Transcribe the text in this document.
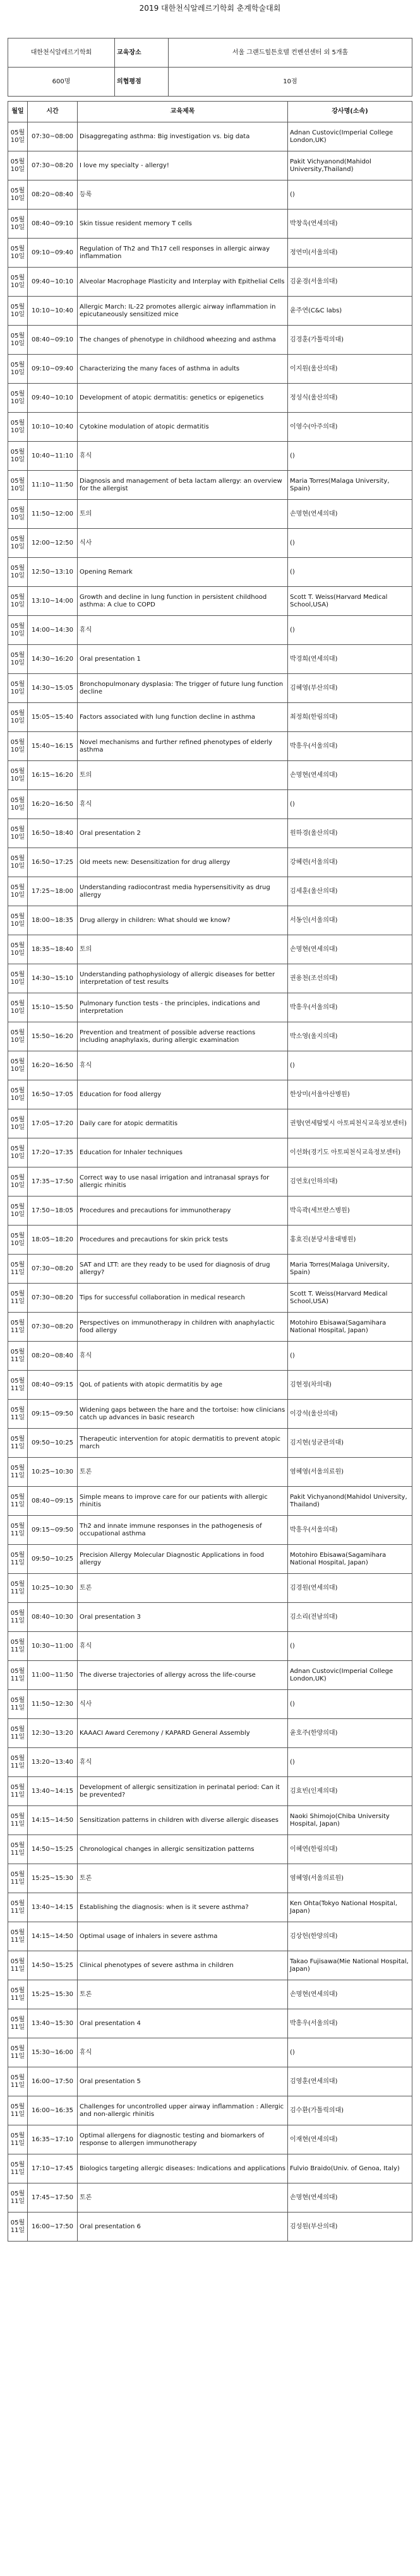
2019 대한천식알레르기학회 춘계학술대회
대한천식알레르기학회	교육장소	서울 그랜드힐튼호텔 컨벤션센터 외 5개홀
600명	의협평점	10점
월일	시간	교육제목	강사명(소속)
05월 10일	07:30~08:00	Disaggregating asthma: Big investigation vs. big data	Adnan Custovic(Imperial College London,UK)
05월 10일	07:30~08:20	I love my specialty - allergy!	Pakit Vichyanond(Mahidol University,Thailand)
05월 10일	08:20~08:40	등록	()
05월 10일	08:40~09:10	Skin tissue resident memory T cells	박창욱(연세의대)
05월 10일	09:10~09:40	Regulation of Th2 and Th17 cell responses in allergic airway inflammation	정연미(서울의대)
05월 10일	09:40~10:10	Alveolar Macrophage Plasticity and Interplay with Epithelial Cells	김윤경(서울의대)
05월 10일	10:10~10:40	Allergic March: IL-22 promotes allergic airway inflammation in epicutaneously sensitized mice	윤주연(C&C labs)
05월 10일	08:40~09:10	The changes of phenotype in childhood wheezing and asthma	김경훈(가톨릭의대)
05월 10일	09:10~09:40	Characterizing the many faces of asthma in adults	이지원(울산의대)
05월 10일	09:40~10:10	Development of atopic dermatitis: genetics or epigenetics	정성식(울산의대)
05월 10일	10:10~10:40	Cytokine modulation of atopic dermatitis	이영수(아주의대)
05월 10일	10:40~11:10	휴식	()
05월 10일	11:10~11:50	Diagnosis and management of beta lactam allergy: an overview for the allergist	Maria Torres(Malaga University, Spain)
05월 10일	11:50~12:00	토의	손명현(연세의대)
05월 10일	12:00~12:50	식사	()
05월 10일	12:50~13:10	Opening Remark	()
05월 10일	13:10~14:00	Growth and decline in lung function in persistent childhood asthma: A clue to COPD	Scott T. Weiss(Harvard Medical School,USA)
05월 10일	14:00~14:30	휴식	()
05월 10일	14:30~16:20	Oral presentation 1	박경희(연세의대)
05월 10일	14:30~15:05	Bronchopulmonary dysplasia: The trigger of future lung function decline	김혜영(부산의대)
05월 10일	15:05~15:40	Factors associated with lung function decline in asthma	최정희(한림의대)
05월 10일	15:40~16:15	Novel mechanisms and further refined phenotypes of elderly asthma	박흥우(서울의대)
05월 10일	16:15~16:20	토의	손명현(연세의대)
05월 10일	16:20~16:50	휴식	()
05월 10일	16:50~18:40	Oral presentation 2	원하경(울산의대)
05월 10일	16:50~17:25	Old meets new: Desensitization for drug allergy	강혜련(서울의대)
05월 10일	17:25~18:00	Understanding radiocontrast media hypersensitivity as drug allergy	김세훈(울산의대)
05월 10일	18:00~18:35	Drug allergy in children: What should we know?	서동인(서울의대)
05월 10일	18:35~18:40	토의	손명현(연세의대)
05월 10일	14:30~15:10	Understanding pathophysiology of allergic diseases for better interpretation of test results	권용천(조선의대)
05월 10일	15:10~15:50	Pulmonary function tests - the principles, indications and interpretation	박흥우(서울의대)
05월 10일	15:50~16:20	Prevention and treatment of possible adverse reactions including anaphylaxis, during allergic examination	박소영(울지의대)
05월 10일	16:20~16:50	휴식	()
05월 10일	16:50~17:05	Education for food allergy	한상미(서울아산병원)
05월 10일	17:05~17:20	Daily care for atopic dermatitis	권향(연세탐빛시 아토피천식교육정보센터)
05월 10일	17:20~17:35	Education for Inhaler techniques	이선화(경기도 아토피천식교육정보센터)
05월 10일	17:35~17:50	Correct way to use nasal irrigation and intranasal sprays for allergic rhinitis	김연호(인하의대)
05월 10일	17:50~18:05	Procedures and precautions for immunotherapy	박옥곽(세브란스병원)
05월 10일	18:05~18:20	Procedures and precautions for skin prick tests	홍효진(분당서울대병원)
05월 11일	07:30~08:20	SAT and LTT: are they ready to be used for diagnosis of drug allergy?	Maria Torres(Malaga University, Spain)
05월 11일	07:30~08:20	Tips for successful collaboration in medical research	Scott T. Weiss(Harvard Medical School,USA)
05월 11일	07:30~08:20	Perspectives on immunotherapy in children with anaphylactic food allergy	Motohiro Ebisawa(Sagamihara National Hospital, Japan)
05월 11일	08:20~08:40	휴식	()
05월 11일	08:40~09:15	QoL of patients with atopic dermatitis by age	김현정(차의대)
05월 11일	09:15~09:50	Widening gaps between the hare and the tortoise: how clinicians catch up advances in basic research	이강석(울산의대)
05월 11일	09:50~10:25	Therapeutic intervention for atopic dermatitis to prevent atopic march	김지현(성균관의대)
05월 11일	10:25~10:30	토론	염혜영(서울의료원)
05월 11일	08:40~09:15	Simple means to improve care for our patients with allergic rhinitis	Pakit Vichyanond(Mahidol University, Thailand)
05월 11일	09:15~09:50	Th2 and innate immune responses in the pathogenesis of occupational asthma	박흥우(서울의대)
05월 11일	09:50~10:25	Precision Allergy Molecular Diagnostic Applications in food allergy	Motohiro Ebisawa(Sagamihara National Hospital, Japan)
05월 11일	10:25~10:30	토론	김경원(연세의대)
05월 11일	08:40~10:30	Oral presentation 3	김소리(전남의대)
05월 11일	10:30~11:00	휴식	()
05월 11일	11:00~11:50	The diverse trajectories of allergy across the life-course	Adnan Custovic(Imperial College London,UK)
05월 11일	11:50~12:30	식사	()
05월 11일	12:30~13:20	KAAACI Award Ceremony / KAPARD General Assembly	윤호주(한양의대)
05월 11일	13:20~13:40	휴식	()
05월 11일	13:40~14:15	Development of allergic sensitization in perinatal period: Can it be prevented?	김효빈(인제의대)
05월 11일	14:15~14:50	Sensitization patterns in children with diverse allergic diseases	Naoki Shimojo(Chiba University Hospital, Japan)
05월 11일	14:50~15:25	Chronological changes in allergic sensitization patterns	이혜연(한림의대)
05월 11일	15:25~15:30	토론	염혜영(서울의료원)
05월 11일	13:40~14:15	Establishing the diagnosis: when is it severe asthma?	Ken Ohta(Tokyo National Hospital, Japan)
05월 11일	14:15~14:50	Optimal usage of inhalers in severe asthma	김상헌(한양의대)
05월 11일	14:50~15:25	Clinical phenotypes of severe asthma in children	Takao Fujisawa(Mie National Hospital, Japan)
05월 11일	15:25~15:30	토론	손명현(연세의대)
05월 11일	13:40~15:30	Oral presentation 4	박흥우(서울의대)
05월 11일	15:30~16:00	휴식	()
05월 11일	16:00~17:50	Oral presentation 5	김영훈(연세의대)
05월 11일	16:00~16:35	Challenges for uncontrolled upper airway inflammation : Allergic and non-allergic rhinitis	김수환(가톨릭의대)
05월 11일	16:35~17:10	Optimal allergens for diagnostic testing and biomarkers of response to allergen immunotherapy	이재현(연세의대)
05월 11일	17:10~17:45	Biologics targeting allergic diseases: Indications and applications	Fulvio Braido(Univ. of Genoa, Italy)
05월 11일	17:45~17:50	토론	손명현(연세의대)
05월 11일	16:00~17:50	Oral presentation 6	김성원(부산의대)
